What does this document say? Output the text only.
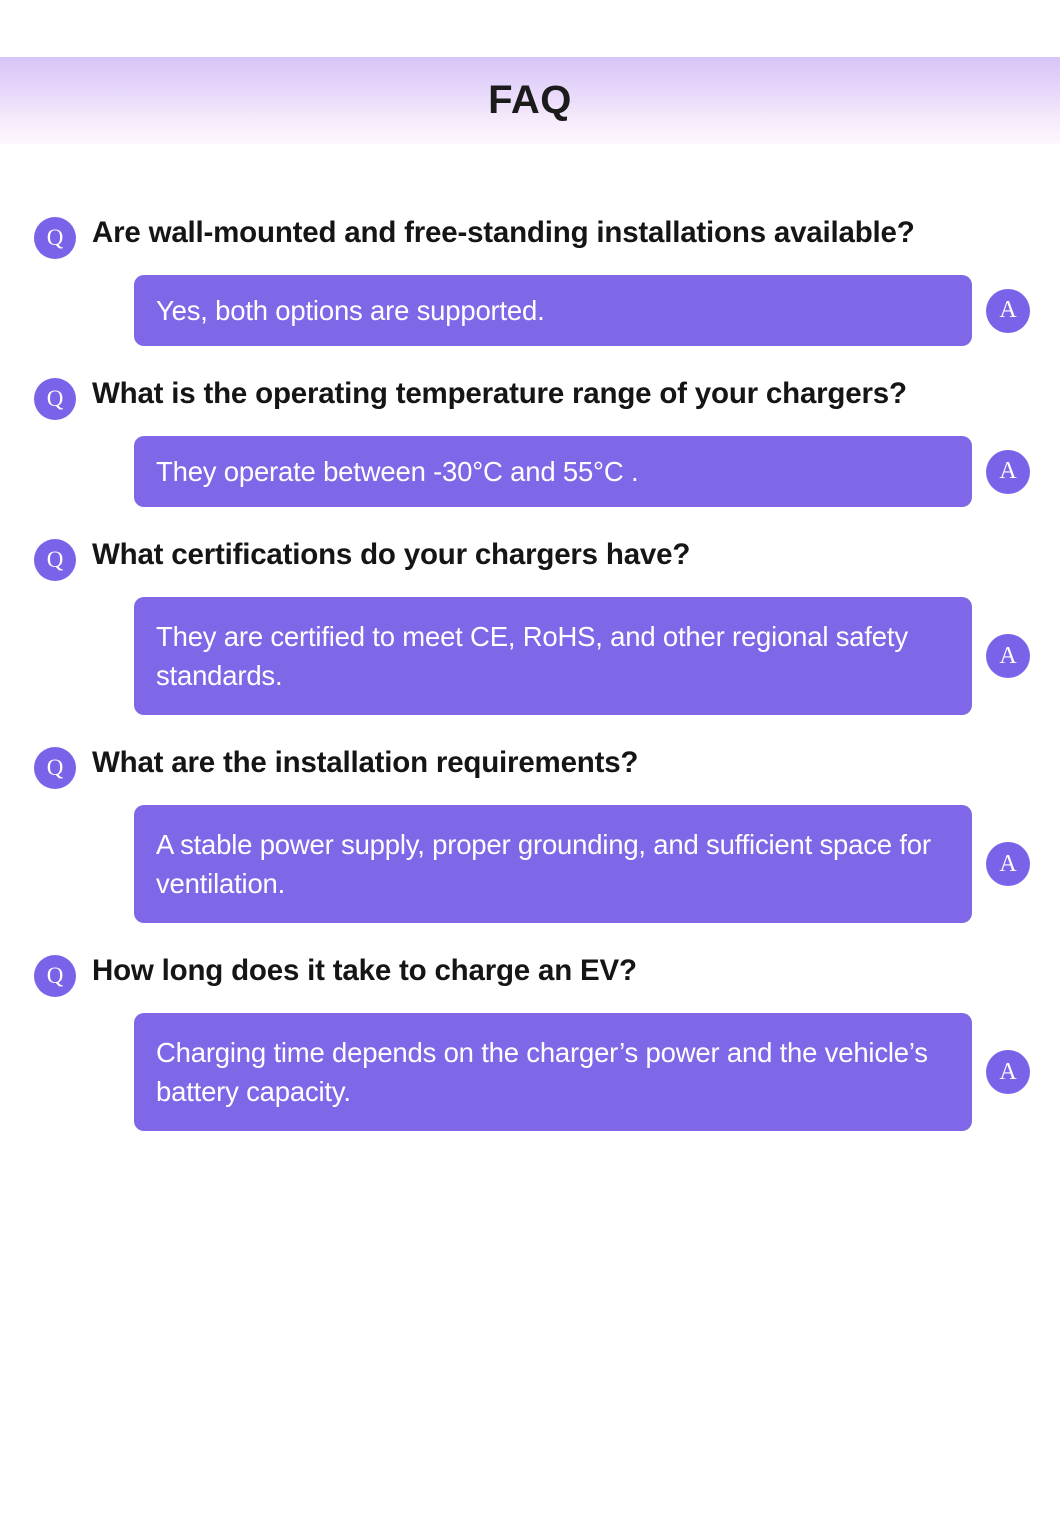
FAQ
Q Are wall-mounted and free-standing installations available?
Yes, both options are supported.	A
Q What is the operating temperature range of your chargers?
They operate between -30°C and 55°C .	A
Q What certifications do your chargers have?
They are certified to meet CE, RoHS, and other regional safety standards.
A
Q What are the installation requirements?
A stable power supply, proper grounding, and sufficient space for ventilation.
A
Q How long does it take to charge an EV?
Charging time depends on the charger’s power and the vehicle’s battery capacity.
A
